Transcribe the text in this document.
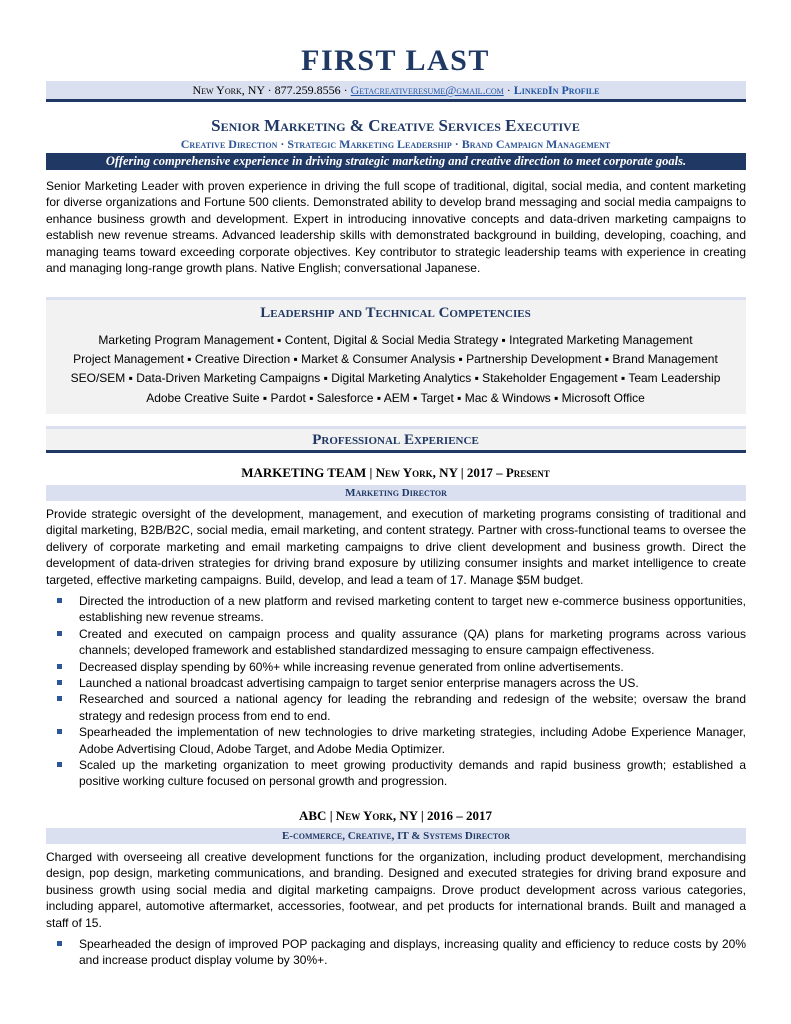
FIRST LAST
New York, NY · 877.259.8556 · Getacreativeresume@gmail.com · LinkedIn Profile
Senior Marketing & Creative Services Executive
Creative Direction · Strategic Marketing Leadership · Brand Campaign Management
Offering comprehensive experience in driving strategic marketing and creative direction to meet corporate goals.
Senior Marketing Leader with proven experience in driving the full scope of traditional, digital, social media, and content marketing for diverse organizations and Fortune 500 clients. Demonstrated ability to develop brand messaging and social media campaigns to enhance business growth and development. Expert in introducing innovative concepts and data-driven marketing campaigns to establish new revenue streams. Advanced leadership skills with demonstrated background in building, developing, coaching, and managing teams toward exceeding corporate objectives. Key contributor to strategic leadership teams with experience in creating and managing long-range growth plans. Native English; conversational Japanese.
Leadership and Technical Competencies
Marketing Program Management ▪ Content, Digital & Social Media Strategy ▪ Integrated Marketing Management
Project Management ▪ Creative Direction ▪ Market & Consumer Analysis ▪ Partnership Development ▪ Brand Management
SEO/SEM ▪ Data-Driven Marketing Campaigns ▪ Digital Marketing Analytics ▪ Stakeholder Engagement ▪ Team Leadership
Adobe Creative Suite ▪ Pardot ▪ Salesforce ▪ AEM ▪ Target ▪ Mac & Windows ▪ Microsoft Office
Professional Experience
MARKETING TEAM | New York, NY | 2017 – Present
Marketing Director
Provide strategic oversight of the development, management, and execution of marketing programs consisting of traditional and digital marketing, B2B/B2C, social media, email marketing, and content strategy. Partner with cross-functional teams to oversee the delivery of corporate marketing and email marketing campaigns to drive client development and business growth. Direct the development of data-driven strategies for driving brand exposure by utilizing consumer insights and market intelligence to create targeted, effective marketing campaigns. Build, develop, and lead a team of 17. Manage $5M budget.
Directed the introduction of a new platform and revised marketing content to target new e-commerce business opportunities, establishing new revenue streams.
Created and executed on campaign process and quality assurance (QA) plans for marketing programs across various channels; developed framework and established standardized messaging to ensure campaign effectiveness.
Decreased display spending by 60%+ while increasing revenue generated from online advertisements.
Launched a national broadcast advertising campaign to target senior enterprise managers across the US.
Researched and sourced a national agency for leading the rebranding and redesign of the website; oversaw the brand strategy and redesign process from end to end.
Spearheaded the implementation of new technologies to drive marketing strategies, including Adobe Experience Manager, Adobe Advertising Cloud, Adobe Target, and Adobe Media Optimizer.
Scaled up the marketing organization to meet growing productivity demands and rapid business growth; established a positive working culture focused on personal growth and progression.
ABC | New York, NY | 2016 – 2017
E-commerce, Creative, IT & Systems Director
Charged with overseeing all creative development functions for the organization, including product development, merchandising design, pop design, marketing communications, and branding. Designed and executed strategies for driving brand exposure and business growth using social media and digital marketing campaigns. Drove product development across various categories, including apparel, automotive aftermarket, accessories, footwear, and pet products for international brands. Built and managed a staff of 15.
Spearheaded the design of improved POP packaging and displays, increasing quality and efficiency to reduce costs by 20% and increase product display volume by 30%+.
